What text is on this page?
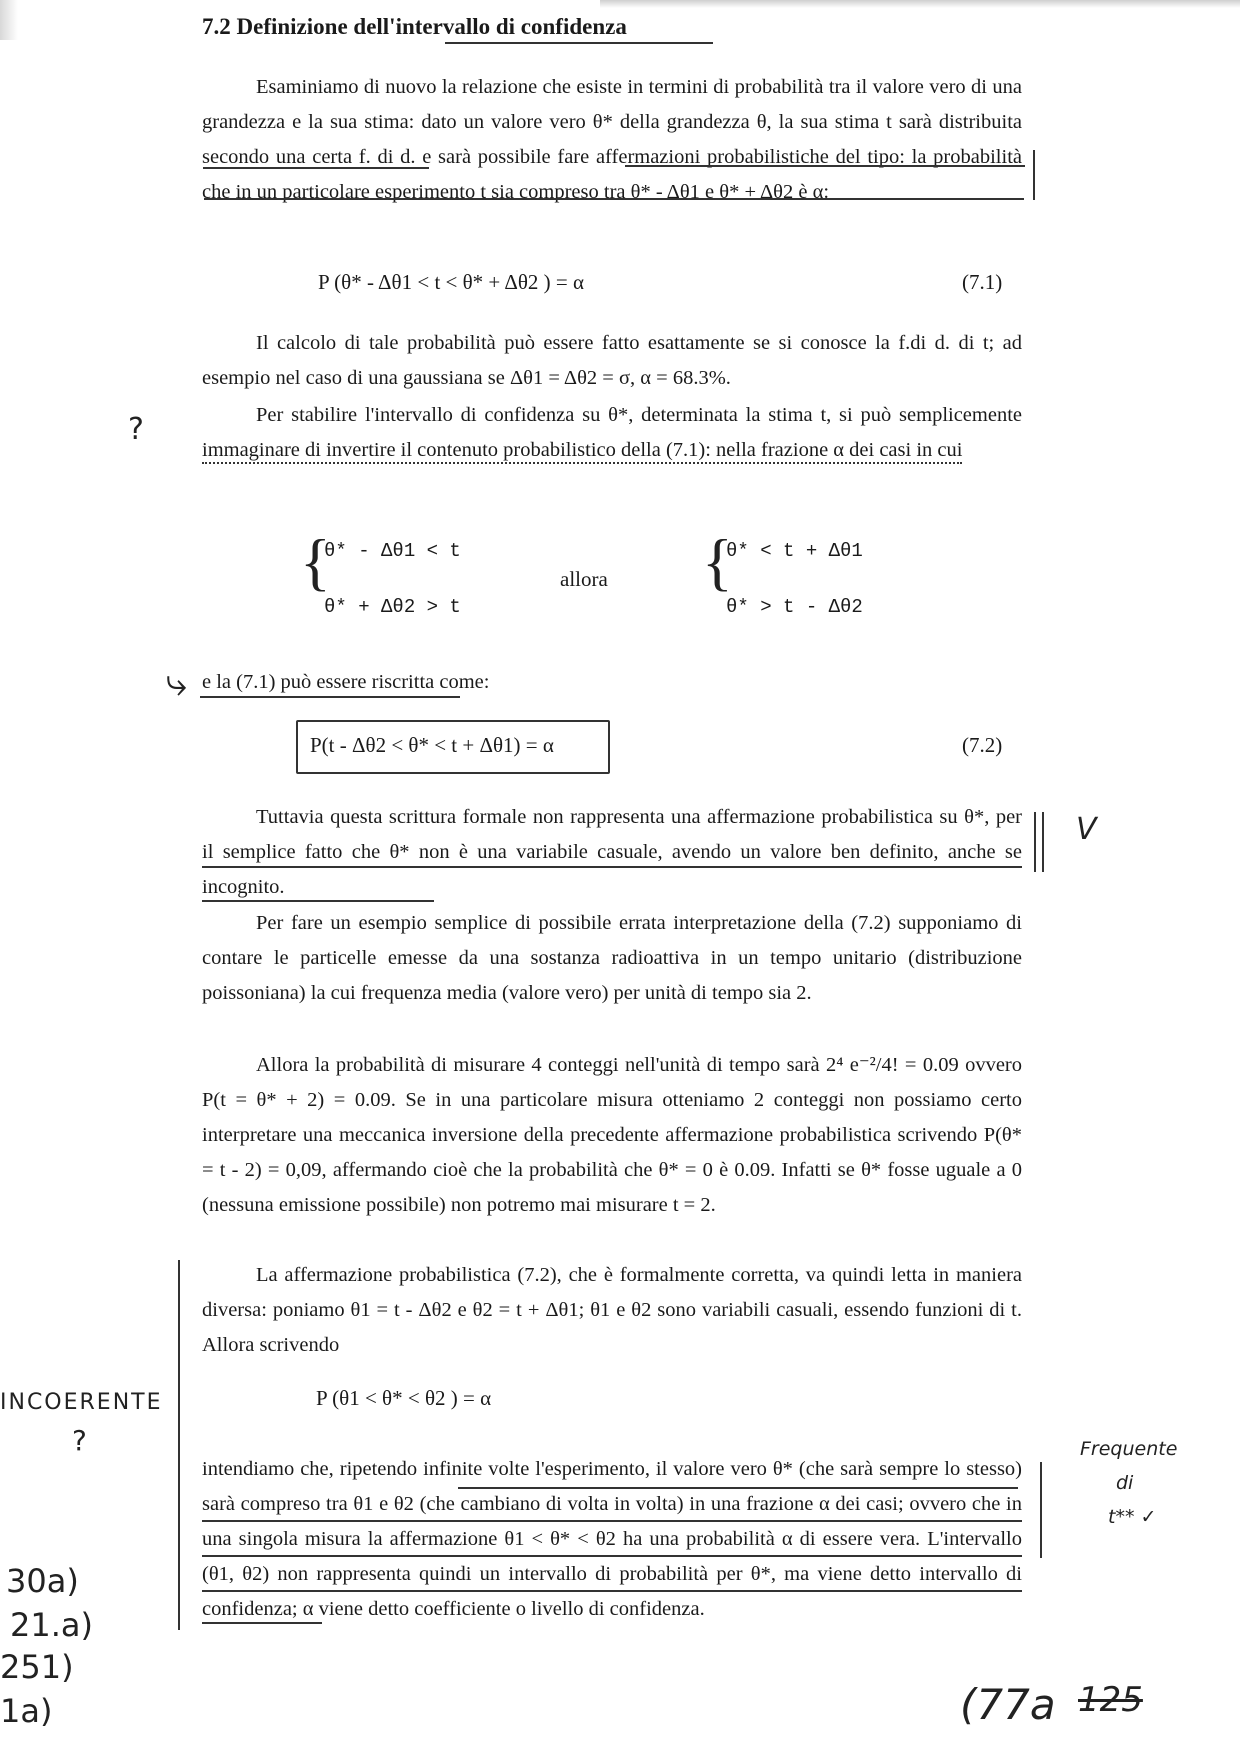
7.2 Definizione dell'intervallo di confidenza
Esaminiamo di nuovo la relazione che esiste in termini di probabilità tra il valore vero di una grandezza e la sua stima: dato un valore vero θ* della grandezza θ, la sua stima t sarà distribuita secondo una certa f. di d. e sarà possibile fare affermazioni probabilistiche del tipo: la probabilità che in un particolare esperimento t sia compreso tra θ* - Δθ1 e θ* + Δθ2 è α:
P (θ* - Δθ1 < t < θ* + Δθ2 ) = α	(7.1)
Il calcolo di tale probabilità può essere fatto esattamente se si conosce la f.di d. di t; ad esempio nel caso di una gaussiana se Δθ1 = Δθ2 = σ, α = 68.3%.
Per stabilire l'intervallo di confidenza su θ*, determinata la stima t, si può semplicemente immaginare di invertire il contenuto probabilistico della (7.1): nella frazione α dei casi in cui
{
θ* - Δθ1 < t
θ* + Δθ2 > t
allora {
θ* < t + Δθ1
θ* > t - Δθ2
e la (7.1) può essere riscritta come:
P(t - Δθ2 < θ* < t + Δθ1) = α	(7.2)
⤷
Tuttavia questa scrittura formale non rappresenta una affermazione probabilistica su θ*, per il semplice fatto che θ* non è una variabile casuale, avendo un valore ben definito, anche se incognito.
Per fare un esempio semplice di possibile errata interpretazione della (7.2) supponiamo di contare le particelle emesse da una sostanza radioattiva in un tempo unitario (distribuzione poissoniana) la cui frequenza media (valore vero) per unità di tempo sia 2.
Allora la probabilità di misurare 4 conteggi nell'unità di tempo sarà 2⁴ e⁻²/4! = 0.09 ovvero P(t = θ* + 2) = 0.09. Se in una particolare misura otteniamo 2 conteggi non possiamo certo interpretare una meccanica inversione della precedente affermazione probabilistica scrivendo P(θ* = t - 2) = 0,09, affermando cioè che la probabilità che θ* = 0 è 0.09. Infatti se θ* fosse uguale a 0 (nessuna emissione possibile) non potremo mai misurare t = 2.
La affermazione probabilistica (7.2), che è formalmente corretta, va quindi letta in maniera diversa: poniamo θ1 = t - Δθ2 e θ2 = t + Δθ1; θ1 e θ2 sono variabili casuali, essendo funzioni di t. Allora scrivendo
P (θ1 < θ* < θ2 ) = α
intendiamo che, ripetendo infinite volte l'esperimento, il valore vero θ* (che sarà sempre lo stesso) sarà compreso tra θ1 e θ2 (che cambiano di volta in volta) in una frazione α dei casi; ovvero che in una singola misura la affermazione θ1 < θ* < θ2 ha una probabilità α di essere vera. L'intervallo (θ1, θ2) non rappresenta quindi un intervallo di probabilità per θ*, ma viene detto intervallo di confidenza; α viene detto coefficiente o livello di confidenza.
?
INCOERENTE
?
30a)
21.a)
251)
1a)
V
Frequente
di
t** ✓
(77a 125
